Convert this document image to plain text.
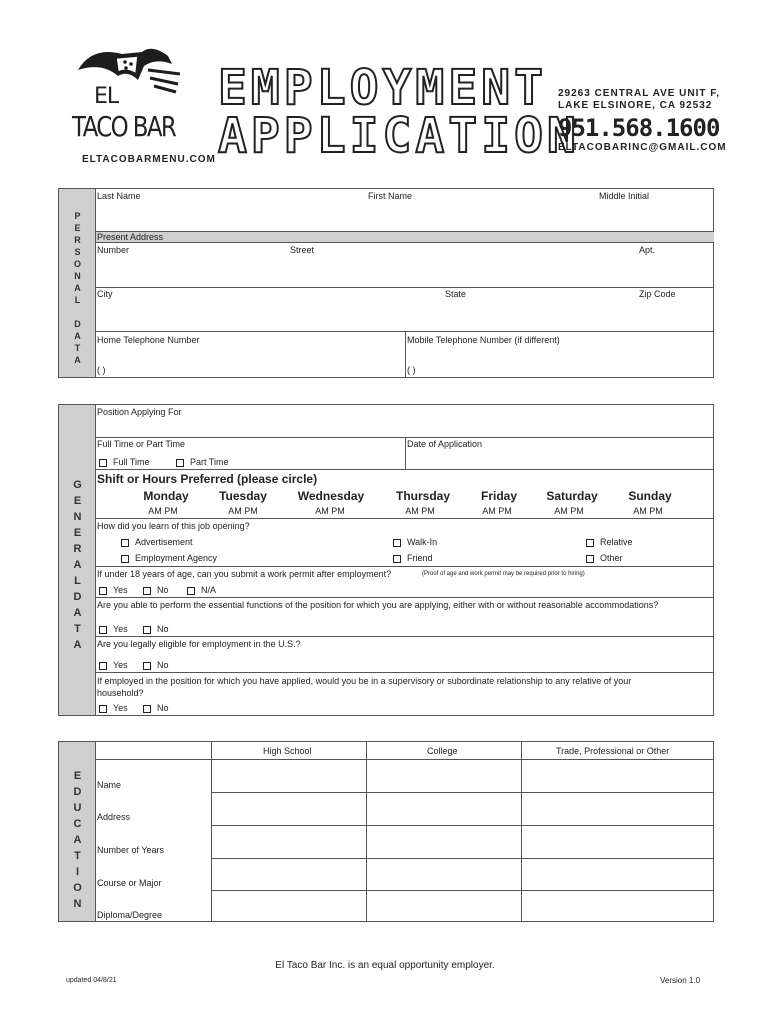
EL
TACO BAR
ELTACOBARMENU.COM
EMPLOYMENT
APPLICATION
29263 CENTRAL AVE UNIT F,
LAKE ELSINORE, CA 92532
951.568.1600
ELTACOBARINC@GMAIL.COM
P
E
R
S
O
N
A
L
D
A
T
A
Last Name	First Name	Middle Initial
Present Address
Number	Street	Apt.
City	State	Zip Code
Home Telephone Number	Mobile Telephone Number (if different)
( )	( )
G
E
N
E
R
A
L
D
A
T
A
Position Applying For
Full Time or Part Time	Date of Application
Full Time	Part Time
Shift or Hours Preferred (please circle)
Monday	Tuesday	Wednesday	Thursday	Friday	Saturday	Sunday
AM PM	AM PM	AM PM	AM PM	AM PM	AM PM	AM PM
How did you learn of this job opening?
Advertisement	Walk-In	Relative
Employment Agency	Friend	Other
If under 18 years of age, can you submit a work permit after employment?	(Proof of age and work permit may be required prior to hiring)
Yes	No	N/A
Are you able to perform the essential functions of the position for which you are applying, either with or without reasonable accommodations?
Yes	No
Are you legally eligible for employment in the U.S.?
Yes	No
If employed in the position for which you have applied, would you be in a supervisory or subordinate relationship to any relative of your
household?
Yes	No
E
D
U
C
A
T
I
O
N
High School	College	Trade, Professional or Other
Name
Address
Number of Years
Course or Major
Diploma/Degree
El Taco Bar Inc. is an equal opportunity employer.
updated 04/8/21	Version 1.0
